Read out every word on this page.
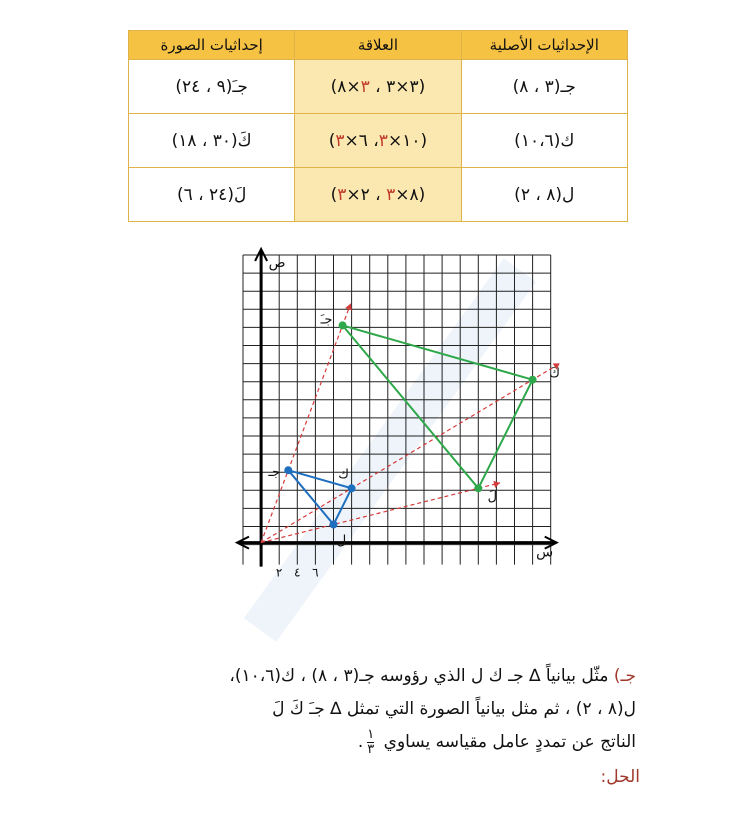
الإحداثيات الأصلية	العلاقة	إحداثيات الصورة
جـ(٣ ، ٨)	(٣×٣ ، ٣×٨)	جـَ(٩ ، ٢٤)
ك(١٠،٦)	(١٠×٣، ٦×٣)	كَ(٣٠ ، ١٨)
ل(٨ ، ٢)	(٨×٣ ، ٢×٣)	لَ(٢٤ ، ٦)
ص
س
٢ ٤ ٦
جـ	ك
ل
جـَ
كَ
لَ
جـ) مثّل بيانياً ∆ جـ ك ل الذي رؤوسه جـ(٣ ، ٨) ، ك(١٠،٦)،
ل(٨ ، ٢) ، ثم مثل بيانياً الصورة التي تمثل ∆ جـَ كَ لَ
الناتج عن تمددٍ عامل مقياسه يساوي
$\frac{١}{٣}$
.
الحل:
